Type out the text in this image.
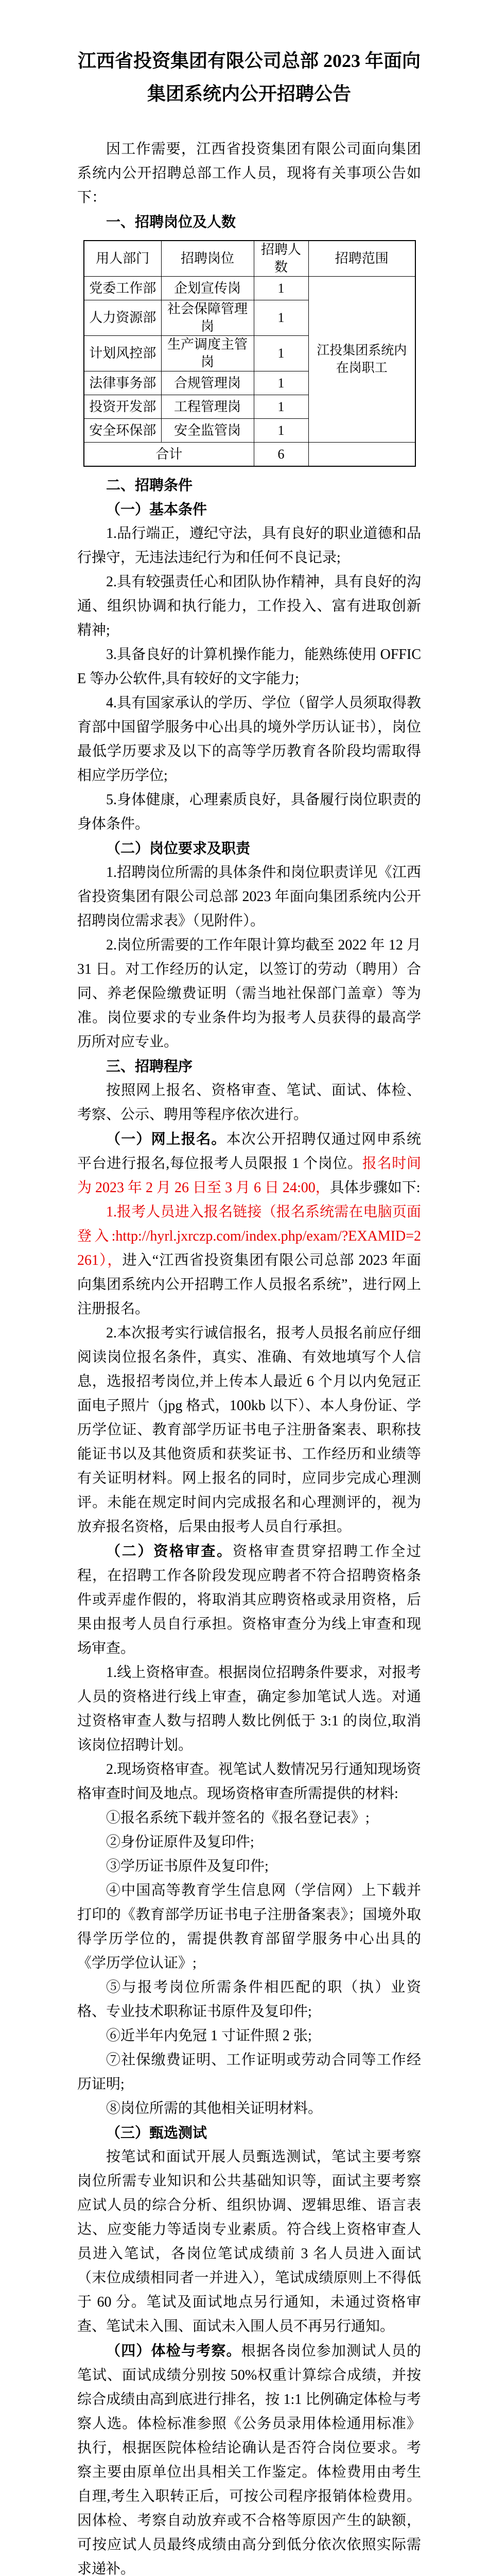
江西省投资集团有限公司总部 2023 年面向
集团系统内公开招聘公告

因工作需要，江西省投资集团有限公司面向集团系统内公开招聘总部工作人员，现将有关事项公告如下：

一、招聘岗位及人数

用人部门	招聘岗位	招聘人数	招聘范围
党委工作部	企划宣传岗	1	江投集团系统内在岗职工
人力资源部	社会保障管理岗	1	
计划风控部	生产调度主管岗	1	
法律事务部	合规管理岗	1	
投资开发部	工程管理岗	1	
安全环保部	安全监管岗	1	
合计		6	

二、招聘条件

（一）基本条件

1.品行端正，遵纪守法，具有良好的职业道德和品行操守，无违法违纪行为和任何不良记录;

2.具有较强责任心和团队协作精神，具有良好的沟通、组织协调和执行能力，工作投入、富有进取创新精神;

3.具备良好的计算机操作能力，能熟练使用 OFFICE 等办公软件,具有较好的文字能力;

4.具有国家承认的学历、学位（留学人员须取得教育部中国留学服务中心出具的境外学历认证书），岗位最低学历要求及以下的高等学历教育各阶段均需取得相应学历学位;

5.身体健康，心理素质良好，具备履行岗位职责的身体条件。

（二）岗位要求及职责

1.招聘岗位所需的具体条件和岗位职责详见《江西省投资集团有限公司总部 2023 年面向集团系统内公开招聘岗位需求表》（见附件）。

2.岗位所需要的工作年限计算均截至 2022 年 12 月 31 日。对工作经历的认定，以签订的劳动（聘用）合同、养老保险缴费证明（需当地社保部门盖章）等为准。岗位要求的专业条件均为报考人员获得的最高学历所对应专业。

三、招聘程序

按照网上报名、资格审查、笔试、面试、体检、考察、公示、聘用等程序依次进行。

（一）网上报名。本次公开招聘仅通过网申系统平台进行报名,每位报考人员限报 1 个岗位。报名时间为 2023 年 2 月 26 日至 3 月 6 日 24:00，具体步骤如下:

1.报考人员进入报名链接（报名系统需在电脑页面登入:http://hyrl.jxrczp.com/index.php/exam/?EXAMID=2261），进入“江西省投资集团有限公司总部 2023 年面向集团系统内公开招聘工作人员报名系统”，进行网上注册报名。

2.本次报考实行诚信报名，报考人员报名前应仔细阅读岗位报名条件，真实、准确、有效地填写个人信息，选报招考岗位,并上传本人最近 6 个月以内免冠正面电子照片（jpg 格式，100kb 以下）、本人身份证、学历学位证、教育部学历证书电子注册备案表、职称技能证书以及其他资质和获奖证书、工作经历和业绩等有关证明材料。网上报名的同时，应同步完成心理测评。未能在规定时间内完成报名和心理测评的，视为放弃报名资格，后果由报考人员自行承担。

（二）资格审查。资格审查贯穿招聘工作全过程，在招聘工作各阶段发现应聘者不符合招聘资格条件或弄虚作假的，将取消其应聘资格或录用资格，后果由报考人员自行承担。资格审查分为线上审查和现场审查。

1.线上资格审查。根据岗位招聘条件要求，对报考人员的资格进行线上审查，确定参加笔试人选。对通过资格审查人数与招聘人数比例低于 3:1 的岗位,取消该岗位招聘计划。

2.现场资格审查。视笔试人数情况另行通知现场资格审查时间及地点。现场资格审查所需提供的材料:

①报名系统下载并签名的《报名登记表》;

②身份证原件及复印件;

③学历证书原件及复印件;

④中国高等教育学生信息网（学信网）上下载并打印的《教育部学历证书电子注册备案表》；国境外取得学历学位的，需提供教育部留学服务中心出具的《学历学位认证》;

⑤与报考岗位所需条件相匹配的职（执）业资格、专业技术职称证书原件及复印件;

⑥近半年内免冠 1 寸证件照 2 张;

⑦社保缴费证明、工作证明或劳动合同等工作经历证明;

⑧岗位所需的其他相关证明材料。

（三）甄选测试

按笔试和面试开展人员甄选测试，笔试主要考察岗位所需专业知识和公共基础知识等，面试主要考察应试人员的综合分析、组织协调、逻辑思维、语言表达、应变能力等适岗专业素质。符合线上资格审查人员进入笔试，各岗位笔试成绩前 3 名人员进入面试（末位成绩相同者一并进入），笔试成绩原则上不得低于 60 分。笔试及面试地点另行通知，未通过资格审查、笔试未入围、面试未入围人员不再另行通知。

（四）体检与考察。根据各岗位参加测试人员的笔试、面试成绩分别按 50%权重计算综合成绩，并按综合成绩由高到底进行排名，按 1:1 比例确定体检与考察人选。体检标准参照《公务员录用体检通用标准》执行，根据医院体检结论确认是否符合岗位要求。考察主要由原单位出具相关工作鉴定。体检费用由考生自理,考生入职转正后，可按公司程序报销体检费用。因体检、考察自动放弃或不合格等原因产生的缺额，可按应试人员最终成绩由高分到低分依次依照实际需求递补。
